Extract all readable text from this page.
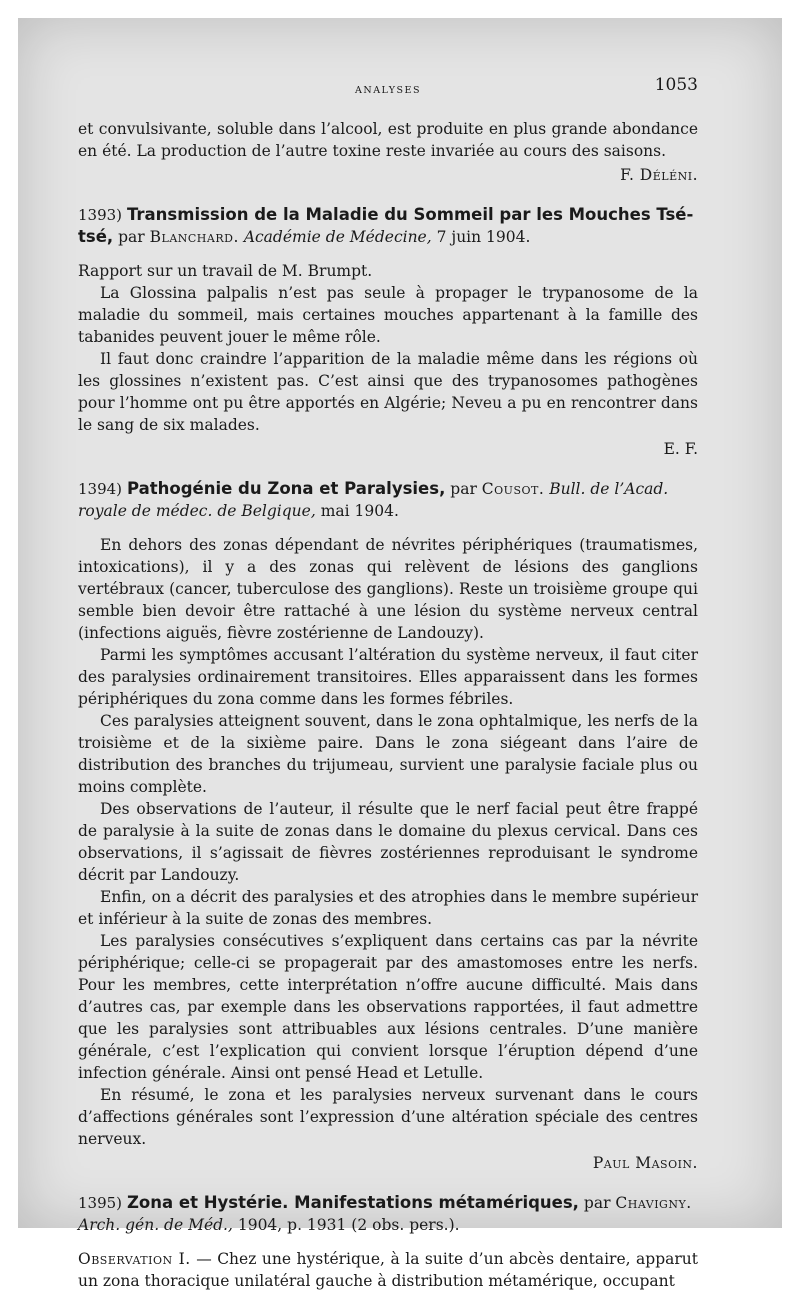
ANALYSES	1053

et convulsivante, soluble dans l’alcool, est produite en plus grande abondance en été. La production de l’autre toxine reste invariée au cours des saisons.

F. Déléni.

1393) Transmission de la Maladie du Sommeil par les Mouches Tsé-tsé, par Blanchard. Académie de Médecine, 7 juin 1904.

Rapport sur un travail de M. Brumpt.

La Glossina palpalis n’est pas seule à propager le trypanosome de la maladie du sommeil, mais certaines mouches appartenant à la famille des tabanides peuvent jouer le même rôle.

Il faut donc craindre l’apparition de la maladie même dans les régions où les glossines n’existent pas. C’est ainsi que des trypanosomes pathogènes pour l’homme ont pu être apportés en Algérie; Neveu a pu en rencontrer dans le sang de six malades.

E. F.

1394) Pathogénie du Zona et Paralysies, par Cousot. Bull. de l’Acad. royale de médec. de Belgique, mai 1904.

En dehors des zonas dépendant de névrites périphériques (traumatismes, intoxications), il y a des zonas qui relèvent de lésions des ganglions vertébraux (cancer, tuberculose des ganglions). Reste un troisième groupe qui semble bien devoir être rattaché à une lésion du système nerveux central (infections aiguës, fièvre zostérienne de Landouzy).

Parmi les symptômes accusant l’altération du système nerveux, il faut citer des paralysies ordinairement transitoires. Elles apparaissent dans les formes périphériques du zona comme dans les formes fébriles.

Ces paralysies atteignent souvent, dans le zona ophtalmique, les nerfs de la troisième et de la sixième paire. Dans le zona siégeant dans l’aire de distribution des branches du trijumeau, survient une paralysie faciale plus ou moins complète.

Des observations de l’auteur, il résulte que le nerf facial peut être frappé de paralysie à la suite de zonas dans le domaine du plexus cervical. Dans ces observations, il s’agissait de fièvres zostériennes reproduisant le syndrome décrit par Landouzy.

Enfin, on a décrit des paralysies et des atrophies dans le membre supérieur et inférieur à la suite de zonas des membres.

Les paralysies consécutives s’expliquent dans certains cas par la névrite périphérique; celle-ci se propagerait par des amastomoses entre les nerfs. Pour les membres, cette interprétation n’offre aucune difficulté. Mais dans d’autres cas, par exemple dans les observations rapportées, il faut admettre que les paralysies sont attribuables aux lésions centrales. D’une manière générale, c’est l’explication qui convient lorsque l’éruption dépend d’une infection générale. Ainsi ont pensé Head et Letulle.

En résumé, le zona et les paralysies nerveux survenant dans le cours d’affections générales sont l’expression d’une altération spéciale des centres nerveux.

Paul Masoin.

1395) Zona et Hystérie. Manifestations métamériques, par Chavigny. Arch. gén. de Méd., 1904, p. 1931 (2 obs. pers.).

Observation I. — Chez une hystérique, à la suite d’un abcès dentaire, apparut un zona thoracique unilatéral gauche à distribution métamérique, occupant
